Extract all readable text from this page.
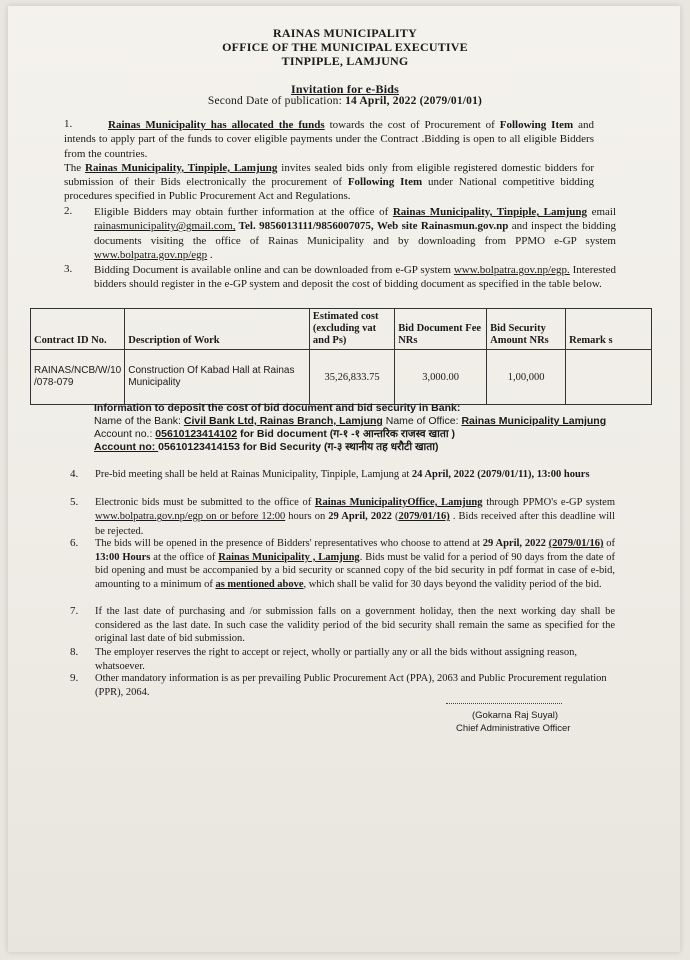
RAINAS MUNICIPALITY
OFFICE OF THE MUNICIPAL EXECUTIVE
TINPIPLE, LAMJUNG
Invitation for e-Bids
Second Date of publication: 14 April, 2022 (2079/01/01)
1.	Rainas Municipality has allocated the funds towards the cost of Procurement of Following Item and intends to apply part of the funds to cover eligible payments under the Contract .Bidding is open to all eligible Bidders from the countries.
The Rainas Municipality, Tinpiple, Lamjung invites sealed bids only from eligible registered domestic bidders for submission of their Bids electronically the procurement of Following Item under National competitive bidding procedures specified in Public Procurement Act and Regulations.
2. Eligible Bidders may obtain further information at the office of Rainas Municipality, Tinpiple, Lamjung email rainasmunicipality@gmail.com, Tel. 9856013111/9856007075, Web site Rainasmun.gov.np and inspect the bidding documents visiting the office of Rainas Municipality and by downloading from PPMO e-GP system www.bolpatra.gov.np/egp .
3. Bidding Document is available online and can be downloaded from e-GP system www.bolpatra.gov.np/egp. Interested bidders should register in the e-GP system and deposit the cost of bidding document as specified in the table below.
Contract ID No.	Description of Work	Estimated cost (excluding vat and Ps)	Bid Document Fee NRs	Bid Security Amount NRs	Remark s
RAINAS/NCB/W/10 /078-079	Construction Of Kabad Hall at Rainas Municipality	35,26,833.75	3,000.00	1,00,000	
Information to deposit the cost of bid document and bid security in Bank:
Name of the Bank: Civil Bank Ltd, Rainas Branch, Lamjung Name of Office: Rainas Municipality Lamjung
Account no.: 05610123414102 for Bid document (ग-१ -१ आन्तरिक राजस्व खाता )
Account no: 05610123414153 for Bid Security (ग-३ स्थानीय तह धरौटी खाता)
4. Pre-bid meeting shall be held at Rainas Municipality, Tinpiple, Lamjung at 24 April, 2022 (2079/01/11), 13:00 hours
5. Electronic bids must be submitted to the office of Rainas MunicipalityOffice, Lamjung through PPMO's e-GP system www.bolpatra.gov.np/egp on or before 12:00 hours on 29 April, 2022 (2079/01/16) . Bids received after this deadline will be rejected.
6. The bids will be opened in the presence of Bidders' representatives who choose to attend at 29 April, 2022 (2079/01/16) of 13:00 Hours at the office of Rainas Municipality , Lamjung. Bids must be valid for a period of 90 days from the date of bid opening and must be accompanied by a bid security or scanned copy of the bid security in pdf format in case of e-bid, amounting to a minimum of as mentioned above, which shall be valid for 30 days beyond the validity period of the bid.
7. If the last date of purchasing and /or submission falls on a government holiday, then the next working day shall be considered as the last date. In such case the validity period of the bid security shall remain the same as specified for the original last date of bid submission.
8. The employer reserves the right to accept or reject, wholly or partially any or all the bids without assigning reason, whatsoever.
9. Other mandatory information is as per prevailing Public Procurement Act (PPA), 2063 and Public Procurement regulation (PPR), 2064.
(Gokarna Raj Suyal)
Chief Administrative Officer
